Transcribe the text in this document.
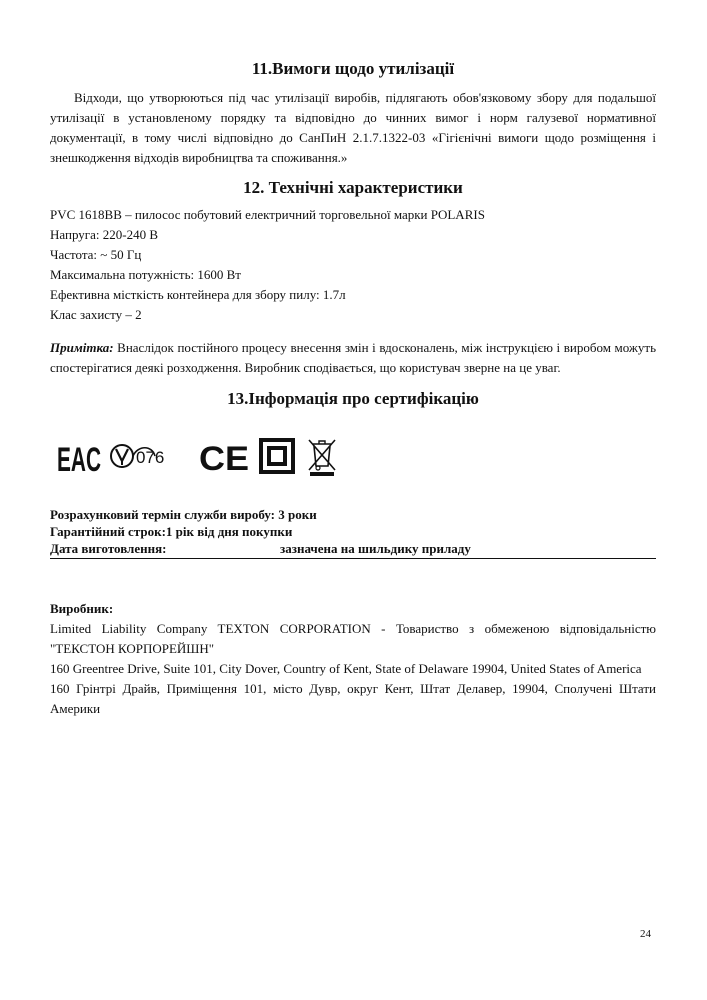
11.Вимоги щодо утилізації

Відходи, що утворюються під час утилізації виробів, підлягають обов'язковому збору для подальшої утилізації в установленому порядку та відповідно до чинних вимог і норм галузевої нормативної документації, в тому числі відповідно до СанПиН 2.1.7.1322-03 «Гігієнічні вимоги щодо розміщення і знешкодження відходів виробництва та споживання.»

12. Технічні характеристики
PVC 1618BB – пилосос побутовий електричний торговельної марки POLARIS
Напруга: 220-240 В
Частота: ~ 50 Гц
Максимальна потужність: 1600 Вт
Ефективна місткість контейнера для збору пилу: 1.7л
Клас захисту – 2

Примітка: Внаслідок постійного процесу внесення змін і вдосконалень, між інструкцією і виробом можуть спостерігатися деякі розходження. Виробник сподівається, що користувач зверне на це уваг.

13.Інформація про сертифікацію
EAC 076 CE
Розрахунковий термін служби виробу: 3 роки
Гарантійний строк:1 рік від дня покупки
Дата виготовлення:	зазначена на шильдику приладу
Виробник:

Limited Liability Company TEXTON CORPORATION - Товариство з обмеженою відповідальністю "ТЕКСТОН КОРПОРЕЙШН"

160 Greentree Drive, Suite 101, City Dover, Country of Kent, State of Delaware 19904, United States of America

160 Грінтрі Драйв, Приміщення 101, місто Дувр, округ Кент, Штат Делавер, 19904, Сполучені Штати Америки

24
